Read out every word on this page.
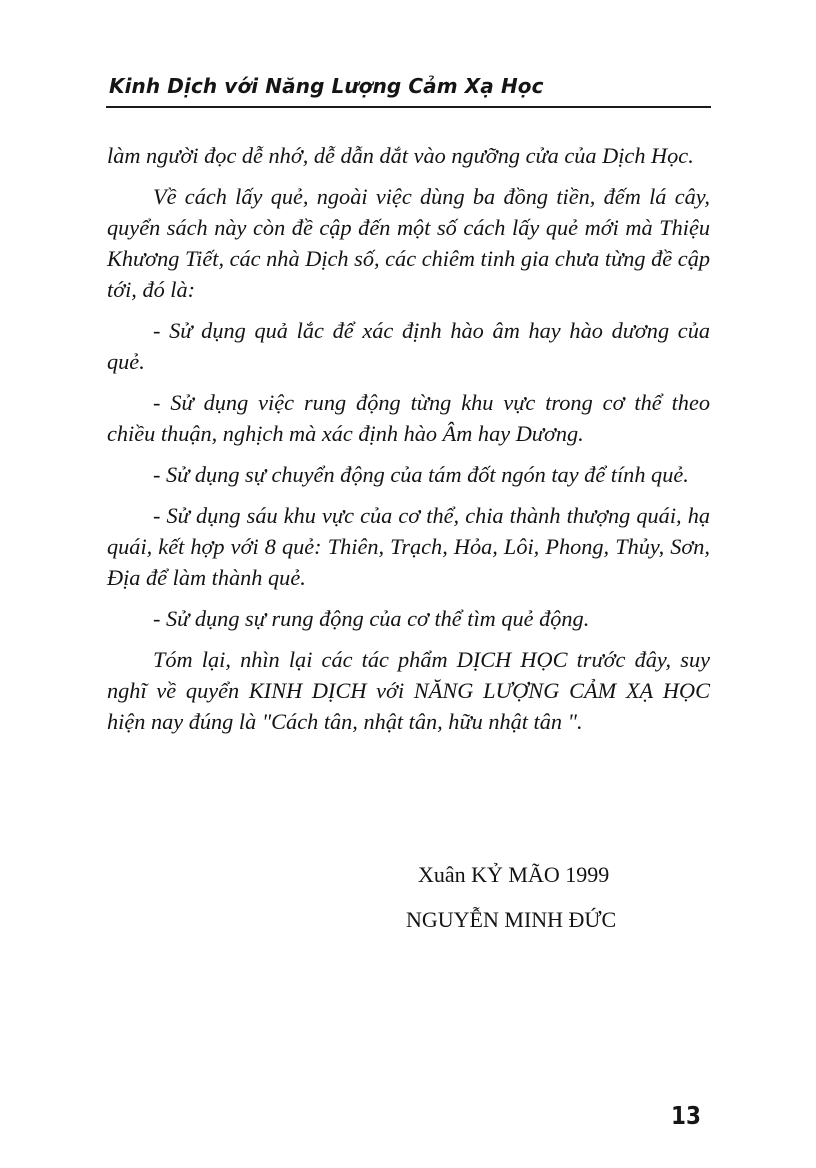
Kinh Dịch với Năng Lượng Cảm Xạ Học

làm người đọc dễ nhớ, dễ dẫn dắt vào ngưỡng cửa của Dịch Học.

Về cách lấy quẻ, ngoài việc dùng ba đồng tiền, đếm lá cây, quyển sách này còn đề cập đến một số cách lấy quẻ mới mà Thiệu Khương Tiết, các nhà Dịch số, các chiêm tinh gia chưa từng đề cập tới, đó là:

- Sử dụng quả lắc để xác định hào âm hay hào dương của quẻ.

- Sử dụng việc rung động từng khu vực trong cơ thể theo chiều thuận, nghịch mà xác định hào Âm hay Dương.

- Sử dụng sự chuyển động của tám đốt ngón tay để tính quẻ.

- Sử dụng sáu khu vực của cơ thể, chia thành thượng quái, hạ quái, kết hợp với 8 quẻ: Thiên, Trạch, Hỏa, Lôi, Phong, Thủy, Sơn, Địa để làm thành quẻ.

- Sử dụng sự rung động của cơ thể tìm quẻ động.

Tóm lại, nhìn lại các tác phẩm DỊCH HỌC trước đây, suy nghĩ về quyển KINH DỊCH với NĂNG LƯỢNG CẢM XẠ HỌC hiện nay đúng là "Cách tân, nhật tân, hữu nhật tân ".

Xuân KỶ MÃO 1999
NGUYỄN MINH ĐỨC
13
